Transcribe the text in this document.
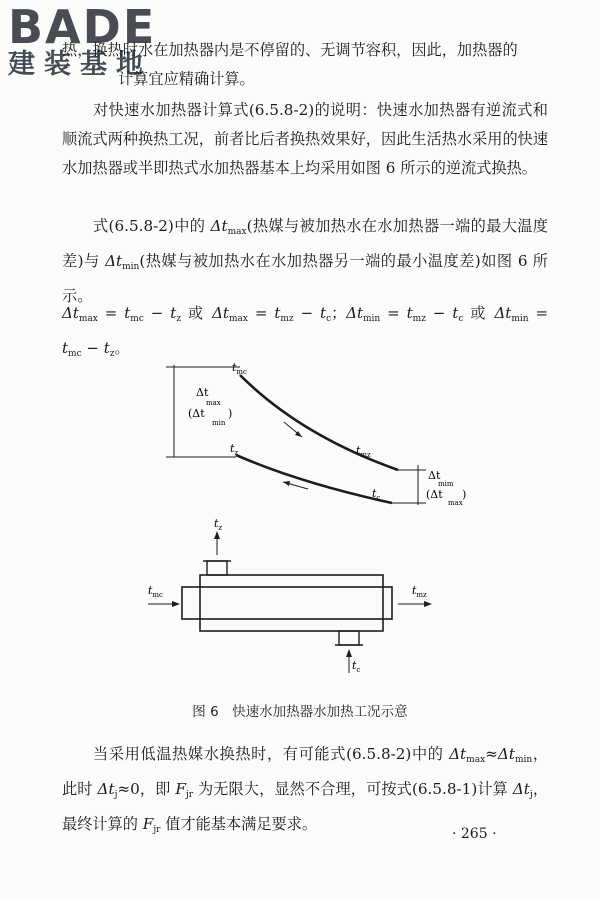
BADE
建装基地
热，换热时水在加热器内是不停留的、无调节容积，因此，加热器的
计算宜应精确计算。
对快速水加热器计算式(6.5.8-2)的说明：快速水加热器有逆流式和顺流式两种换热工况，前者比后者换热效果好，因此生活热水采用的快速水加热器或半即热式水加热器基本上均采用如图 6 所示的逆流式换热。
式(6.5.8-2)中的 $\Delta t_{max}$(热媒与被加热水在水加热器一端的最大温度差)与 $\Delta t_{min}$(热媒与被加热水在水加热器另一端的最小温度差)如图 6 所示。
$\Delta t_{max} = t_{mc} - t_z$ 或 $\Delta t_{max} = t_{mz} - t_c$；$\Delta t_{min} = t_{mz} - t_c$ 或 $\Delta t_{min}$ =
$t_{mc} - t_z$。
$t_{mc}$
$t_{mz}$
$t_z$
$t_c$
Δt
max
(Δt
min
)
Δt
mim
(Δt
max
)
$t_z$
$t_{mc}$	$t_{mz}$
$t_c$
图 6　快速水加热器水加热工况示意
当采用低温热媒水换热时，有可能式(6.5.8-2)中的 $\Delta t_{max}\approx\Delta t_{min}$，此时 $\Delta t_j\approx 0$，即 $F_{jr}$ 为无限大，显然不合理，可按式(6.5.8-1)计算 $\Delta t_j$，最终计算的 $F_{jr}$ 值才能基本满足要求。
· 265 ·
